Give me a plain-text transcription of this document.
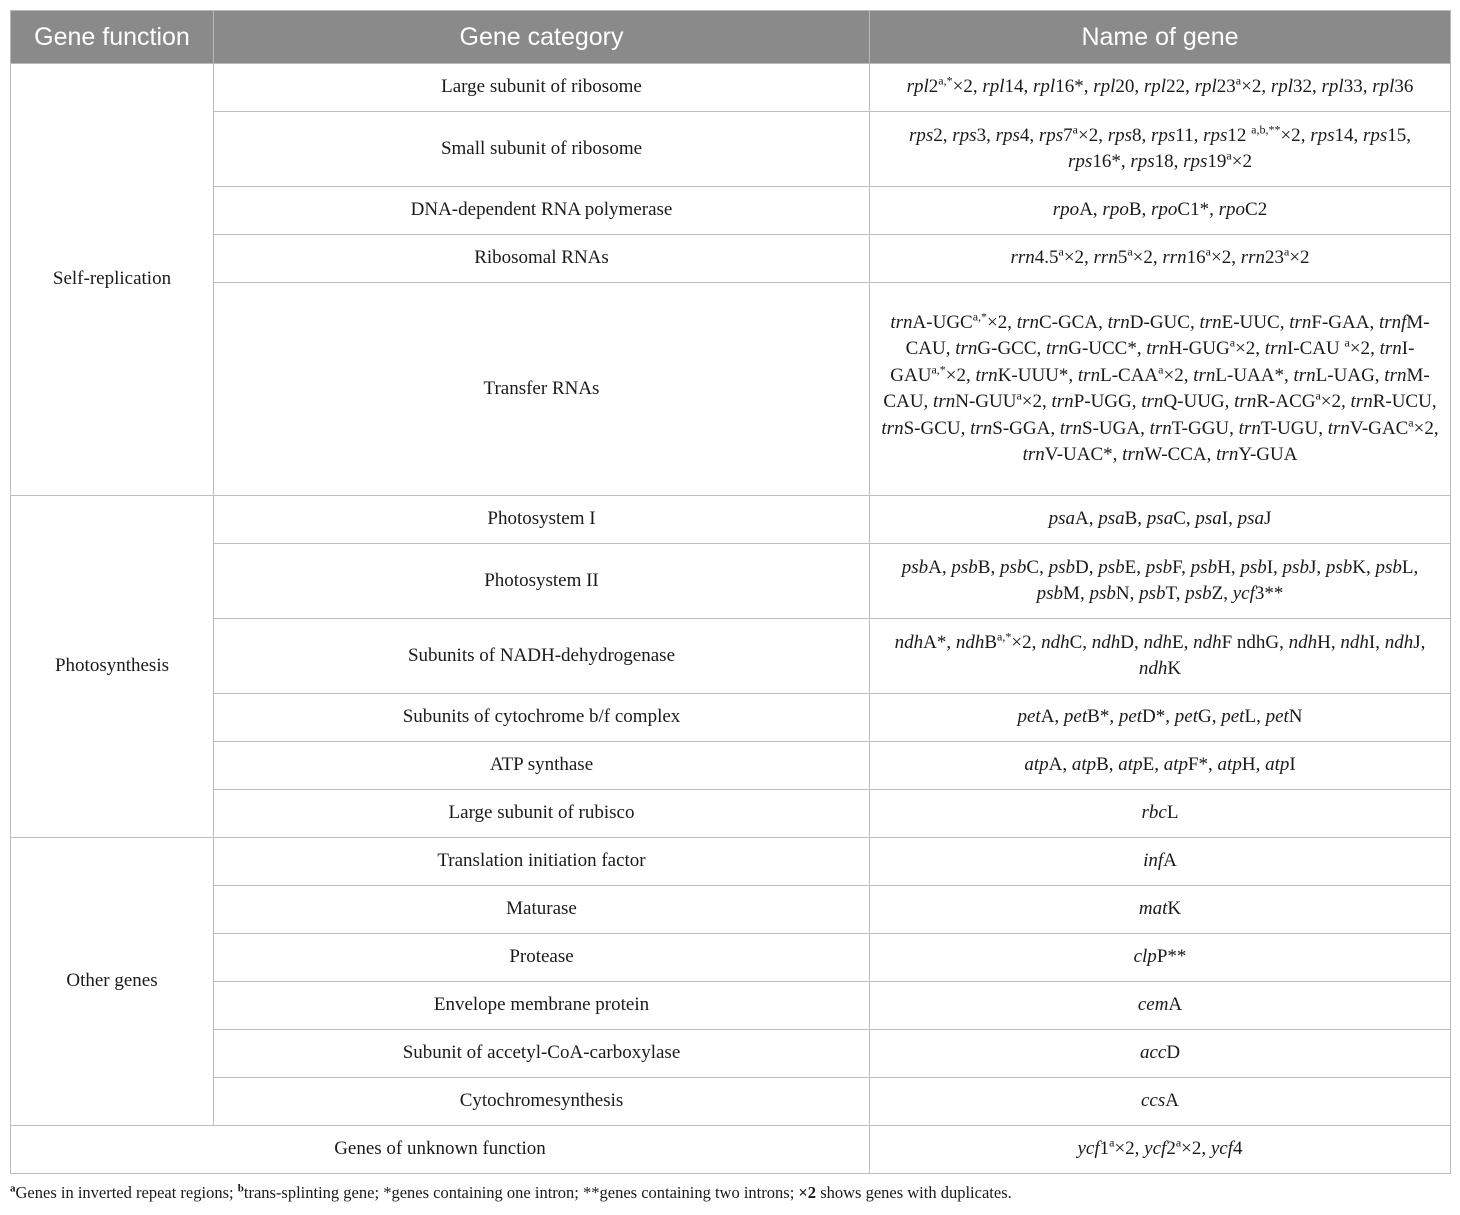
Gene function	Gene category	Name of gene
Self-replication	Large subunit of ribosome	$rpl2^{a,*}\times 2$, rpl14, rpl16*, rpl20, rpl22, $rpl23^a\times 2$, rpl32, rpl33, rpl36
	Small subunit of ribosome	rps2, rps3, rps4, $rps7^a\times 2$, rps8, rps11, rps12 $^{a,b,**}$×2, rps14, rps15, rps16*, rps18, $rps19^a\times 2$
	DNA-dependent RNA polymerase	rpoA, rpoB, rpoC1*, rpoC2
	Ribosomal RNAs	rrn4.5$^a$×2, $rrn5^a\times 2$, $rrn16^a\times 2$, $rrn23^a\times 2$
	Transfer RNAs	trnA-$UGC^{a,*}\times 2$, trnC-GCA, trnD-GUC, trnE-UUC, trnF-GAA, trnfM-CAU, trnG-GCC, trnG-UCC*, trnH-$GUG^a\times 2$, trnI-CAU $^a$×2, trnI-$GAU^{a,*}\times 2$, trnK-UUU*, trnL-$CAA^a\times 2$, trnL-UAA*, trnL-UAG, trnM-CAU, trnN-$GUU^a\times 2$, trnP-UGG, trnQ-UUG, trnR-$ACG^a\times 2$, trnR-UCU, trnS-GCU, trnS-GGA, trnS-UGA, trnT-GGU, trnT-UGU, trnV-$GAC^a\times 2$, trnV-UAC*, trnW-CCA, trnY-GUA
Photosynthesis	Photosystem I	psaA, psaB, psaC, psaI, psaJ
	Photosystem II	psbA, psbB, psbC, psbD, psbE, psbF, psbH, psbI, psbJ, psbK, psbL, psbM, psbN, psbT, psbZ, ycf3**
	Subunits of NADH-dehydrogenase	ndhA*, ndhB$^{a,*}$×2, ndhC, ndhD, ndhE, ndhF ndhG, ndhH, ndhI, ndhJ, ndhK
	Subunits of cytochrome b/f complex	petA, petB*, petD*, petG, petL, petN
	ATP synthase	atpA, atpB, atpE, atpF*, atpH, atpI
	Large subunit of rubisco	rbcL
Other genes	Translation initiation factor	infA
	Maturase	matK
	Protease	clpP**
	Envelope membrane protein	cemA
	Subunit of accetyl-CoA-carboxylase	accD
	Cytochromesynthesis	ccsA
Genes of unknown function		$ycf1^a\times 2$, $ycf2^a\times 2$, ycf4
$^a$Genes in inverted repeat regions; $^b$trans-splinting gene; *genes containing one intron; **genes containing two introns; ×2 shows genes with duplicates.
